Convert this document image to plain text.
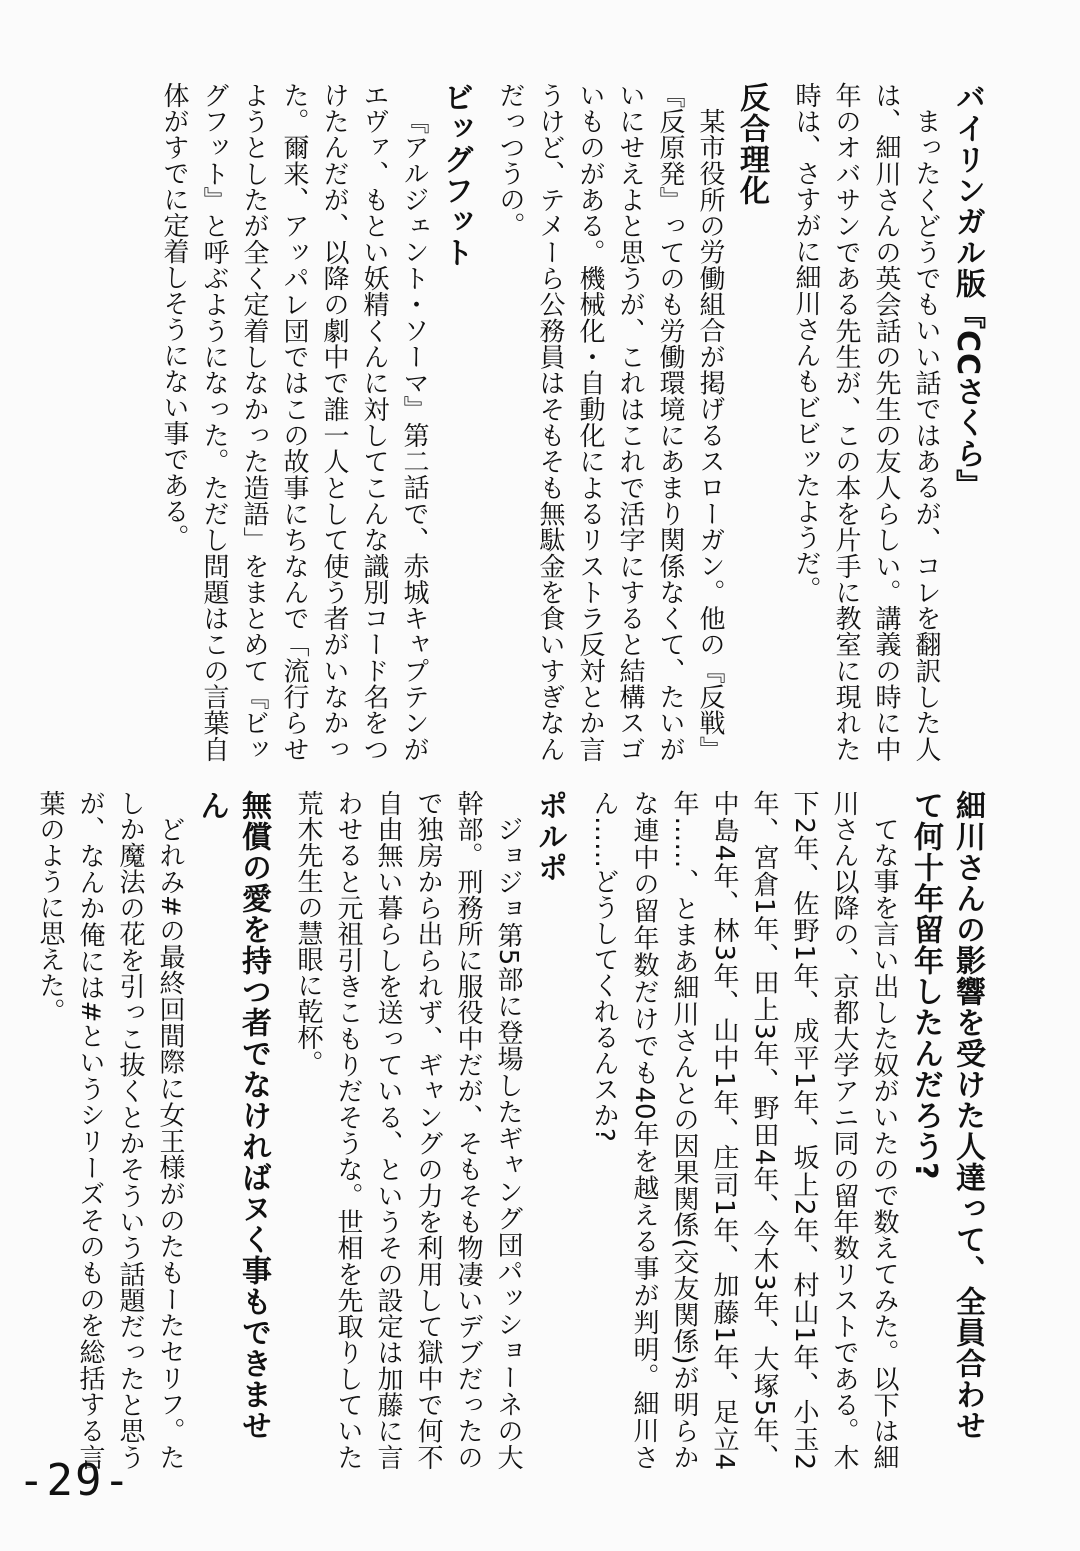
バイリンガル版『CCさくら』

まったくどうでもいい話ではあるが、コレを翻訳した人は、細川さんの英会話の先生の友人らしい。講義の時に中年のオバサンである先生が、この本を片手に教室に現れた時は、さすがに細川さんもビビッたようだ。

反合理化

某市役所の労働組合が掲げるスローガン。他の『反戦』『反原発』ってのも労働環境にあまり関係なくて、たいがいにせえよと思うが、これはこれで活字にすると結構スゴいものがある。機械化・自動化によるリストラ反対とか言うけど、テメーら公務員はそもそも無駄金を食いすぎなんだっつうの。

ビッグフット

『アルジェント・ソーマ』第二話で、赤城キャプテンがエヴァ、もとい妖精くんに対してこんな識別コード名をつけたんだが、以降の劇中で誰一人として使う者がいなかった。爾来、アッパレ団ではこの故事にちなんで「流行らせようとしたが全く定着しなかった造語」をまとめて『ビッグフット』と呼ぶようになった。ただし問題はこの言葉自体がすでに定着しそうにない事である。

細川さんの影響を受けた人達って、全員合わせて何十年留年したんだろう?

てな事を言い出した奴がいたので数えてみた。以下は細川さん以降の、京都大学アニ同の留年数リストである。木下2年、佐野1年、成平1年、坂上2年、村山1年、小玉2年、宮倉1年、田上3年、野田4年、今木3年、大塚5年、中島4年、林3年、山中1年、庄司1年、加藤1年、足立4年……、とまあ細川さんとの因果関係(交友関係)が明らかな連中の留年数だけでも40年を越える事が判明。細川さん……どうしてくれるんスか?

ポルポ

ジョジョ第5部に登場したギャング団パッショーネの大幹部。刑務所に服役中だが、そもそも物凄いデブだったので独房から出られず、ギャングの力を利用して獄中で何不自由無い暮らしを送っている、というその設定は加藤に言わせると元祖引きこもりだそうな。世相を先取りしていた荒木先生の慧眼に乾杯。

無償の愛を持つ者でなければヌく事もできません

どれみ#の最終回間際に女王様がのたもーたセリフ。たしか魔法の花を引っこ抜くとかそういう話題だったと思うが、なんか俺には#というシリーズそのものを総括する言葉のように思えた。

-29-
